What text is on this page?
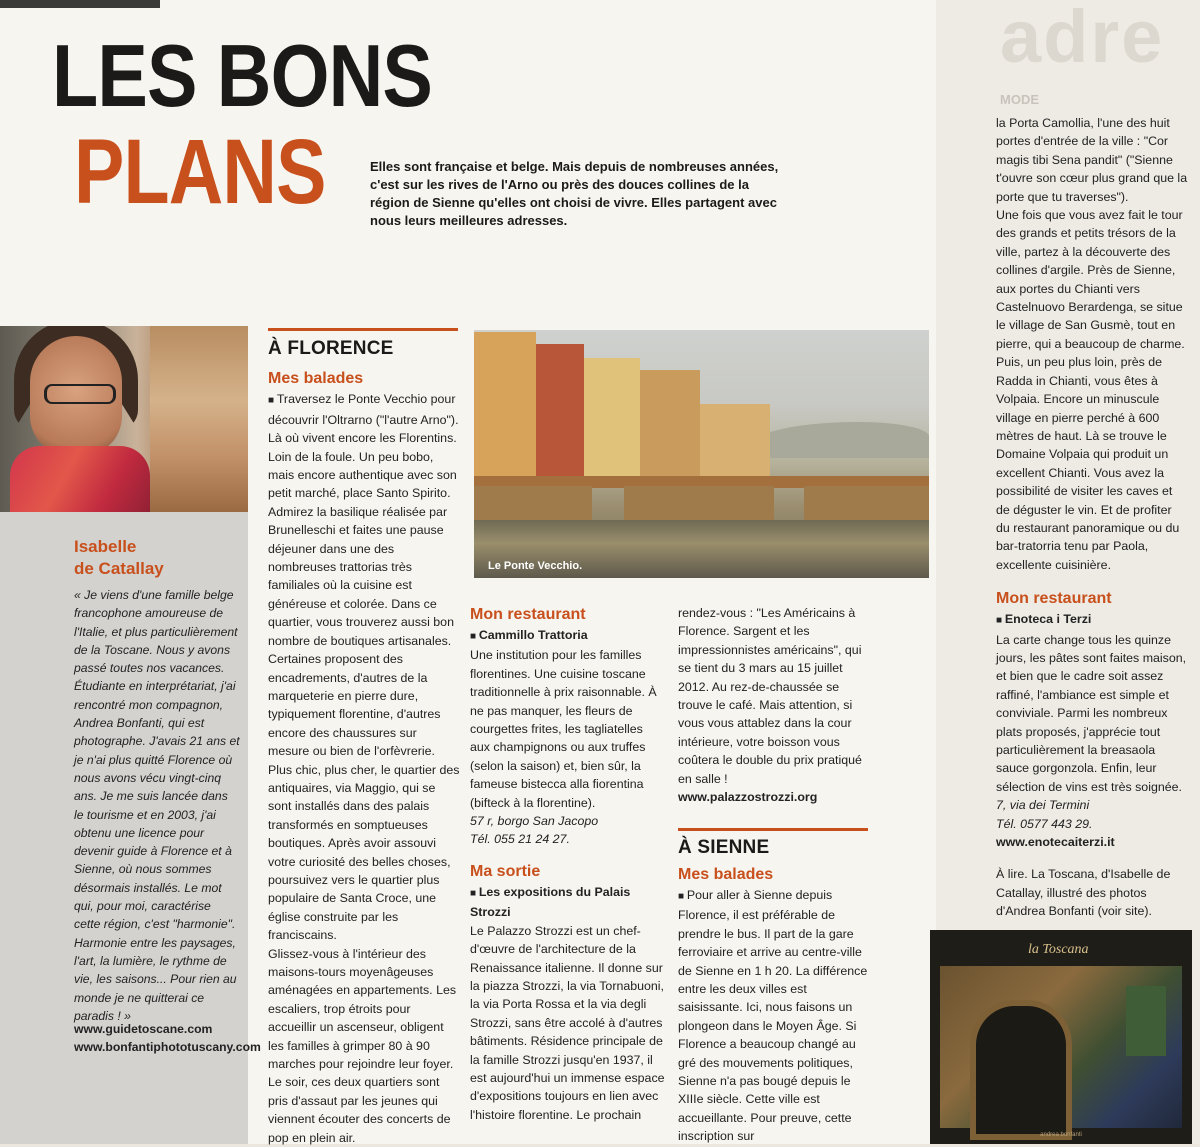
adre
MODE
LES BONS
PLANS	Elles sont française et belge. Mais depuis de nombreuses années, c'est sur les rives de l'Arno ou près des douces collines de la région de Sienne qu'elles ont choisi de vivre. Elles partagent avec nous leurs meilleures adresses.
Isabelle
de Catallay
« Je viens d'une famille belge francophone amoureuse de l'Italie, et plus particulièrement de la Toscane. Nous y avons passé toutes nos vacances. Étudiante en interprétariat, j'ai rencontré mon compagnon, Andrea Bonfanti, qui est photographe. J'avais 21 ans et je n'ai plus quitté Florence où nous avons vécu vingt-cinq ans. Je me suis lancée dans le tourisme et en 2003, j'ai obtenu une licence pour devenir guide à Florence et à Sienne, où nous sommes désormais installés. Le mot qui, pour moi, caractérise cette région, c'est "harmonie". Harmonie entre les paysages, l'art, la lumière, le rythme de vie, les saisons... Pour rien au monde je ne quitterai ce paradis ! »
www.guidetoscane.com
www.bonfantiphototuscany.com

À FLORENCE

Mes balades

■ Traversez le Ponte Vecchio pour découvrir l'Oltrarno ("l'autre Arno"). Là où vivent encore les Florentins. Loin de la foule. Un peu bobo, mais encore authentique avec son petit marché, place Santo Spirito. Admirez la basilique réalisée par Brunelleschi et faites une pause déjeuner dans une des nombreuses trattorias très familiales où la cuisine est généreuse et colorée. Dans ce quartier, vous trouverez aussi bon nombre de boutiques artisanales. Certaines proposent des encadrements, d'autres de la marqueterie en pierre dure, typiquement florentine, d'autres encore des chaussures sur mesure ou bien de l'orfèvrerie.

Plus chic, plus cher, le quartier des antiquaires, via Maggio, qui se sont installés dans des palais transformés en somptueuses boutiques. Après avoir assouvi votre curiosité des belles choses, poursuivez vers le quartier plus populaire de Santa Croce, une église construite par les franciscains.

Glissez-vous à l'intérieur des maisons-tours moyenâgeuses aménagées en appartements. Les escaliers, trop étroits pour accueillir un ascenseur, obligent les familles à grimper 80 à 90 marches pour rejoindre leur foyer. Le soir, ces deux quartiers sont pris d'assaut par les jeunes qui viennent écouter des concerts de pop en plein air.

Le Ponte Vecchio.

Mon restaurant

■ Cammillo Trattoria

Une institution pour les familles florentines. Une cuisine toscane traditionnelle à prix raisonnable. À ne pas manquer, les fleurs de courgettes frites, les tagliatelles aux champignons ou aux truffes (selon la saison) et, bien sûr, la fameuse bistecca alla fiorentina (bifteck à la florentine).

57 r, borgo San Jacopo

Tél. 055 21 24 27.

Ma sortie

■ Les expositions du Palais Strozzi

Le Palazzo Strozzi est un chef-d'œuvre de l'architecture de la Renaissance italienne. Il donne sur la piazza Strozzi, la via Tornabuoni, la via Porta Rossa et la via degli Strozzi, sans être accolé à d'autres bâtiments. Résidence principale de la famille Strozzi jusqu'en 1937, il est aujourd'hui un immense espace d'expositions toujours en lien avec l'histoire florentine. Le prochain

rendez-vous : "Les Américains à Florence. Sargent et les impressionnistes américains", qui se tient du 3 mars au 15 juillet 2012. Au rez-de-chaussée se trouve le café. Mais attention, si vous vous attablez dans la cour intérieure, votre boisson vous coûtera le double du prix pratiqué en salle !

www.palazzostrozzi.org

À SIENNE

Mes balades

■ Pour aller à Sienne depuis Florence, il est préférable de prendre le bus. Il part de la gare ferroviaire et arrive au centre-ville de Sienne en 1 h 20. La différence entre les deux villes est saisissante. Ici, nous faisons un plongeon dans le Moyen Âge. Si Florence a beaucoup changé au gré des mouvements politiques, Sienne n'a pas bougé depuis le XIIIe siècle. Cette ville est accueillante. Pour preuve, cette inscription sur

la Porta Camollia, l'une des huit portes d'entrée de la ville : "Cor magis tibi Sena pandit" ("Sienne t'ouvre son cœur plus grand que la porte que tu traverses").

Une fois que vous avez fait le tour des grands et petits trésors de la ville, partez à la découverte des collines d'argile. Près de Sienne, aux portes du Chianti vers Castelnuovo Berardenga, se situe le village de San Gusmè, tout en pierre, qui a beaucoup de charme. Puis, un peu plus loin, près de Radda in Chianti, vous êtes à Volpaia. Encore un minuscule village en pierre perché à 600 mètres de haut. Là se trouve le Domaine Volpaia qui produit un excellent Chianti. Vous avez la possibilité de visiter les caves et de déguster le vin. Et de profiter du restaurant panoramique ou du bar-tratorria tenu par Paola, excellente cuisinière.

Mon restaurant

■ Enoteca i Terzi

La carte change tous les quinze jours, les pâtes sont faites maison, et bien que le cadre soit assez raffiné, l'ambiance est simple et conviviale. Parmi les nombreux plats proposés, j'apprécie tout particulièrement la breasaola sauce gorgonzola. Enfin, leur sélection de vins est très soignée.

7, via dei Termini

Tél. 0577 443 29.

www.enotecaiterzi.it

À lire. La Toscana, d'Isabelle de Catallay, illustré des photos d'Andrea Bonfanti (voir site).

la Toscana
andrea bonfanti
